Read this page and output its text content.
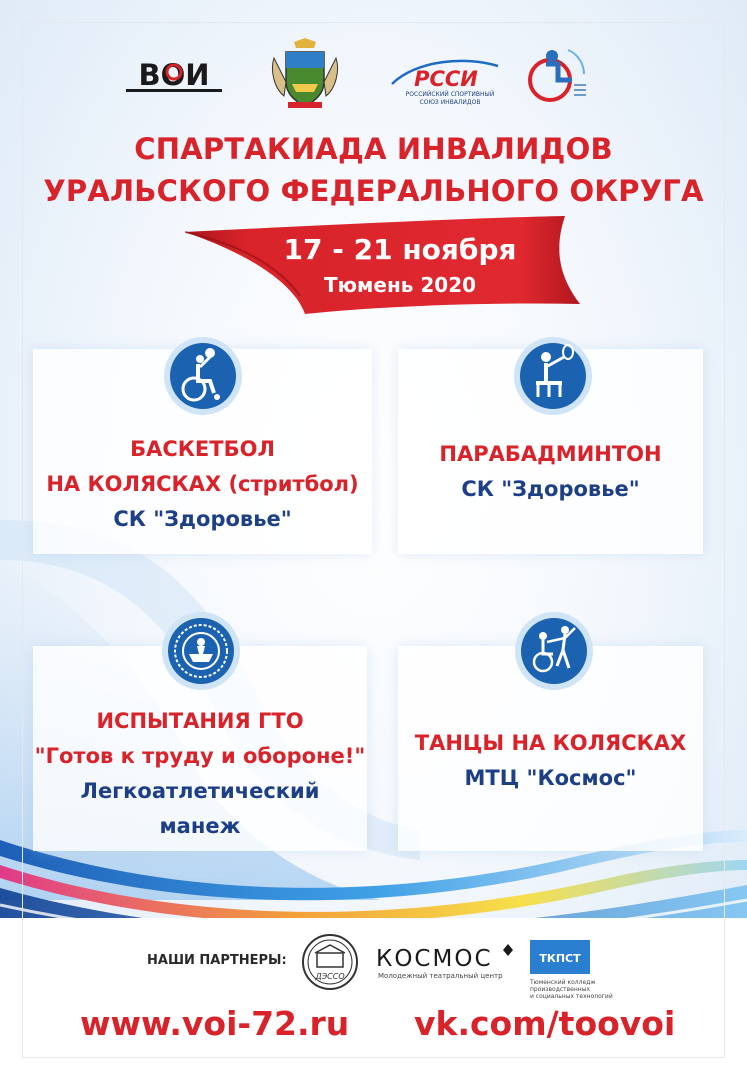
ВОИ	РССИ
РОССИЙСКИЙ СПОРТИВНЫЙ
СОЮЗ ИНВАЛИДОВ
СПАРТАКИАДА ИНВАЛИДОВ
УРАЛЬСКОГО ФЕДЕРАЛЬНОГО ОКРУГА
17 - 21 ноября
Тюмень 2020
БАСКЕТБОЛ
НА КОЛЯСКАХ (стритбол)
СК "Здоровье"
ПАРАБАДМИНТОН
СК "Здоровье"
ИСПЫТАНИЯ ГТО
"Готов к труду и обороне!"
Легкоатлетический
манеж
ТАНЦЫ НА КОЛЯСКАХ
МТЦ "Космос"
НАШИ ПАРТНЕРЫ:
ДЭССО
КОСМОС
Молодежный театральный центр
ТКПСТ
Тюменский колледж
производственных
и социальных технологий
www.voi-72.ru vk.com/toovoi
